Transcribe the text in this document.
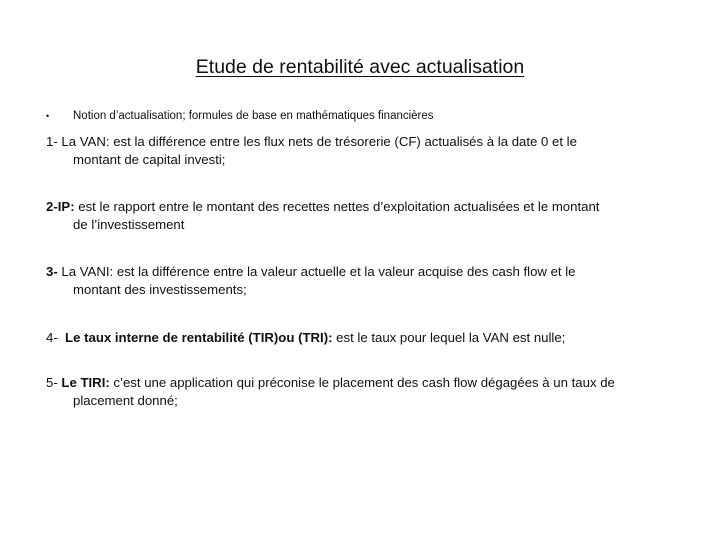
Etude de rentabilité avec actualisation
• Notion d’actualisation; formules de base en mathématiques financières
1- La VAN: est la différence entre les flux nets de trésorerie (CF) actualisés à la date 0 et le
montant de capital investi;
2-IP: est le rapport entre le montant des recettes nettes d’exploitation actualisées et le montant
de l’investissement
3- La VANI: est la différence entre la valeur actuelle et la valeur acquise des cash flow et le
montant des investissements;
4-  Le taux interne de rentabilité (TIR)ou (TRI): est le taux pour lequel la VAN est nulle;
5- Le TIRI: c’est une application qui préconise le placement des cash flow dégagées à un taux de
placement donné;
